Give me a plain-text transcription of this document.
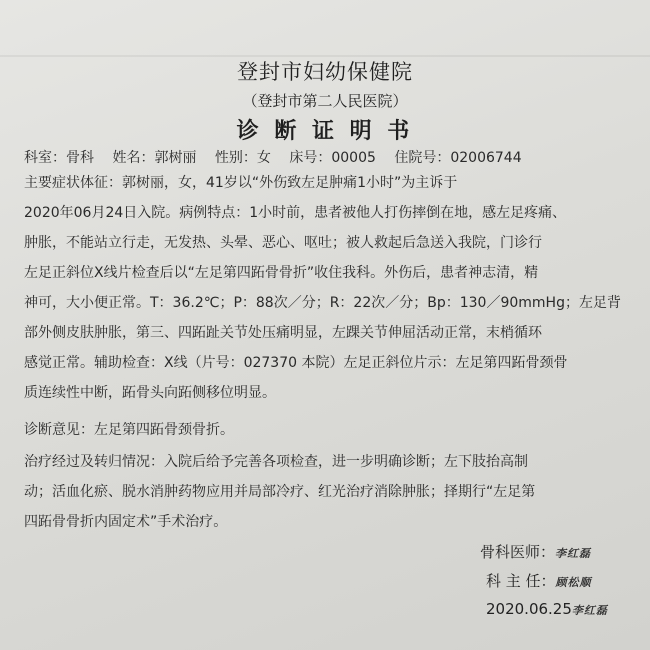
登封市妇幼保健院
（登封市第二人民医院）
诊 断 证 明 书
科室：骨科 姓名：郭树丽 性别：女 床号：00005 住院号：02006744
主要症状体征：郭树丽，女，41岁以“外伤致左足肿痛1小时”为主诉于
2020年06月24日入院。病例特点：1小时前，患者被他人打伤摔倒在地，感左足疼痛、
肿胀，不能站立行走，无发热、头晕、恶心、呕吐；被人救起后急送入我院，门诊行
左足正斜位X线片检查后以“左足第四跖骨骨折”收住我科。外伤后，患者神志清，精
神可，大小便正常。T：36.2℃；P：88次／分；R：22次／分；Bp：130／90mmHg；左足背
部外侧皮肤肿胀，第三、四跖趾关节处压痛明显，左踝关节伸屈活动正常，末梢循环
感觉正常。辅助检查：X线（片号：027370 本院）左足正斜位片示：左足第四跖骨颈骨
质连续性中断，跖骨头向跖侧移位明显。
诊断意见：左足第四跖骨颈骨折。
治疗经过及转归情况：入院后给予完善各项检查，进一步明确诊断；左下肢抬高制
动；活血化瘀、脱水消肿药物应用并局部冷疗、红光治疗消除肿胀；择期行“左足第
四跖骨骨折内固定术”手术治疗。
骨科医师：李红磊
科 主 任：顾松顺
2020.06.25李红磊
